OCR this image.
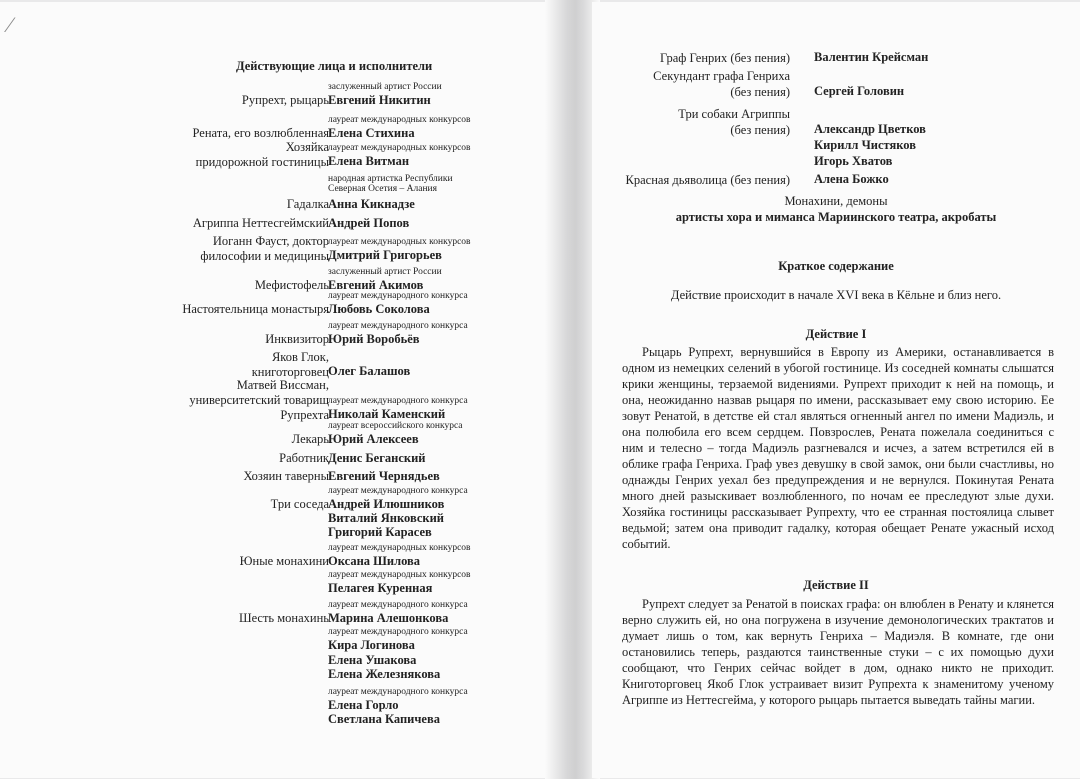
⁄
Действующие лица и исполнители
заслуженный артист России
Рупрехт, рыцарь Евгений Никитин
лауреат международных конкурсов
Рената, его возлюбленная Елена Стихина
лауреат международных конкурсов
Хозяйка
придорожной гостиницы Елена Витман
народная артистка Республики Северная Осетия – Алания
Гадалка Анна Кикнадзе
Агриппа Неттесгеймский Андрей Попов
лауреат международных конкурсов
Иоганн Фауст, доктор
философии и медицины Дмитрий Григорьев
заслуженный артист России
Мефистофель Евгений Акимов
лауреат международного конкурса
Настоятельница монастыря Любовь Соколова
лауреат международного конкурса
Инквизитор Юрий Воробьёв
Яков Глок,
книготорговец Олег Балашов
лауреат международного конкурса
Матвей Виссман,
университетский товарищ
Рупрехта Николай Каменский
лауреат всероссийского конкурса
Лекарь Юрий Алексеев
Работник Денис Беганский
Хозяин таверны Евгений Чернядьев
лауреат международного конкурса
Три соседа Андрей Илюшников
Виталий Янковский
Григорий Карасев
лауреат международных конкурсов
Юные монахини Оксана Шилова
лауреат международных конкурсов
Пелагея Куренная
лауреат международного конкурса
Шесть монахинь Марина Алешонкова
лауреат международного конкурса
Кира Логинова
Елена Ушакова
Елена Железнякова
лауреат международного конкурса
Елена Горло
Светлана Капичева
Граф Генрих (без пения) Валентин Крейсман
Секундант графа Генриха
(без пения) Сергей Головин
Три собаки Агриппы
(без пения) Александр Цветков
Кирилл Чистяков
Игорь Хватов
Красная дьяволица (без пения) Алена Божко
Монахини, демоны
артисты хора и миманса Мариинского театра, акробаты
Краткое содержание
Действие происходит в начале XVI века в Кёльне и близ него.
Действие I
Рыцарь Рупрехт, вернувшийся в Европу из Америки, останавливается в одном из немецких селений в убогой гостинице. Из соседней комнаты слышатся крики женщины, терзаемой видениями. Рупрехт приходит к ней на помощь, и она, неожиданно назвав рыцаря по имени, рассказывает ему свою историю. Ее зовут Ренатой, в детстве ей стал являться огненный ангел по имени Мадиэль, и она полюбила его всем сердцем. Повзрослев, Рената пожелала соединиться с ним и телесно – тогда Мадиэль разгневался и исчез, а затем встретился ей в облике графа Генриха. Граф увез девушку в свой замок, они были счастливы, но однажды Генрих уехал без предупреждения и не вернулся. Покинутая Рената много дней разыскивает возлюбленного, по ночам ее преследуют злые духи. Хозяйка гостиницы рассказывает Рупрехту, что ее странная постоялица слывет ведьмой; затем она приводит гадалку, которая обещает Ренате ужасный исход событий.
Действие II
Рупрехт следует за Ренатой в поисках графа: он влюблен в Ренату и клянется верно служить ей, но она погружена в изучение демонологических трактатов и думает лишь о том, как вернуть Генриха – Мадиэля. В комнате, где они остановились теперь, раздаются таинственные стуки – с их помощью духи сообщают, что Генрих сейчас войдет в дом, однако никто не приходит. Книготорговец Якоб Глок устраивает визит Рупрехта к знаменитому ученому Агриппе из Неттесгейма, у которого рыцарь пытается выведать тайны магии.
